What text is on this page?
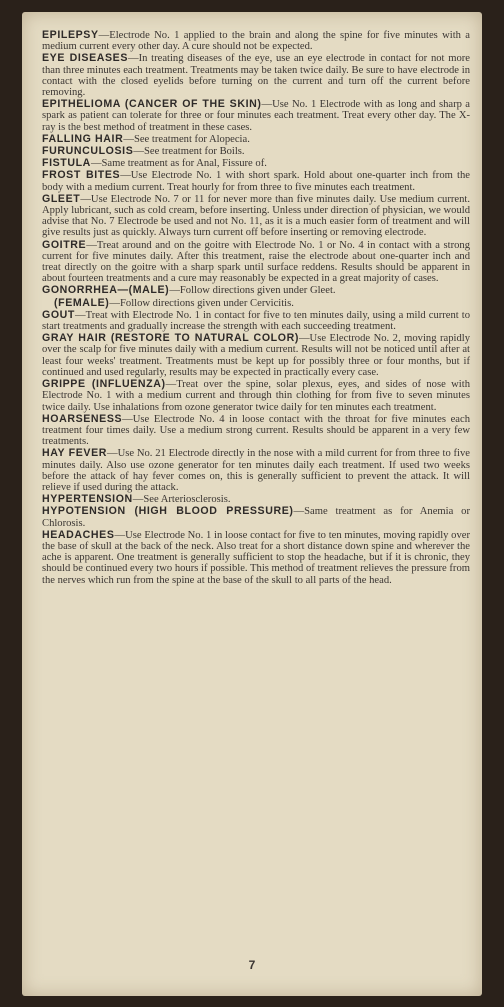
EPILEPSY—Electrode No. 1 applied to the brain and along the spine for five minutes with a medium current every other day. A cure should not be expected.

EYE DISEASES—In treating diseases of the eye, use an eye electrode in contact for not more than three minutes each treatment. Treatments may be taken twice daily. Be sure to have electrode in contact with the closed eyelids before turning on the current and turn off the current before removing.

EPITHELIOMA (CANCER OF THE SKIN)—Use No. 1 Electrode with as long and sharp a spark as patient can tolerate for three or four minutes each treatment. Treat every other day. The X-ray is the best method of treatment in these cases.

FALLING HAIR—See treatment for Alopecia.

FURUNCULOSIS—See treatment for Boils.

FISTULA—Same treatment as for Anal, Fissure of.

FROST BITES—Use Electrode No. 1 with short spark. Hold about one-quarter inch from the body with a medium current. Treat hourly for from three to five minutes each treatment.

GLEET—Use Electrode No. 7 or 11 for never more than five minutes daily. Use medium current. Apply lubricant, such as cold cream, before inserting. Unless under direction of physician, we would advise that No. 7 Electrode be used and not No. 11, as it is a much easier form of treatment and will give results just as quickly. Always turn current off before inserting or removing electrode.

GOITRE—Treat around and on the goitre with Electrode No. 1 or No. 4 in contact with a strong current for five minutes daily. After this treatment, raise the electrode about one-quarter inch and treat directly on the goitre with a sharp spark until surface reddens. Results should be apparent in about fourteen treatments and a cure may reasonably be expected in a great majority of cases.

GONORRHEA—(MALE)—Follow directions given under Gleet.

(FEMALE)—Follow directions given under Cervicitis.

GOUT—Treat with Electrode No. 1 in contact for five to ten minutes daily, using a mild current to start treatments and gradually increase the strength with each succeeding treatment.

GRAY HAIR (RESTORE TO NATURAL COLOR)—Use Electrode No. 2, moving rapidly over the scalp for five minutes daily with a medium current. Results will not be noticed until after at least four weeks' treatment. Treatments must be kept up for possibly three or four months, but if continued and used regularly, results may be expected in practically every case.

GRIPPE (INFLUENZA)—Treat over the spine, solar plexus, eyes, and sides of nose with Electrode No. 1 with a medium current and through thin clothing for from five to seven minutes twice daily. Use inhalations from ozone generator twice daily for ten minutes each treatment.

HOARSENESS—Use Electrode No. 4 in loose contact with the throat for five minutes each treatment four times daily. Use a medium strong current. Results should be apparent in a very few treatments.

HAY FEVER—Use No. 21 Electrode directly in the nose with a mild current for from three to five minutes daily. Also use ozone generator for ten minutes daily each treatment. If used two weeks before the attack of hay fever comes on, this is generally sufficient to prevent the attack. It will relieve if used during the attack.

HYPERTENSION—See Arteriosclerosis.

HYPOTENSION (HIGH BLOOD PRESSURE)—Same treatment as for Anemia or Chlorosis.

HEADACHES—Use Electrode No. 1 in loose contact for five to ten minutes, moving rapidly over the base of skull at the back of the neck. Also treat for a short distance down spine and wherever the ache is apparent. One treatment is generally sufficient to stop the headache, but if it is chronic, they should be continued every two hours if possible. This method of treatment relieves the pressure from the nerves which run from the spine at the base of the skull to all parts of the head.

7
